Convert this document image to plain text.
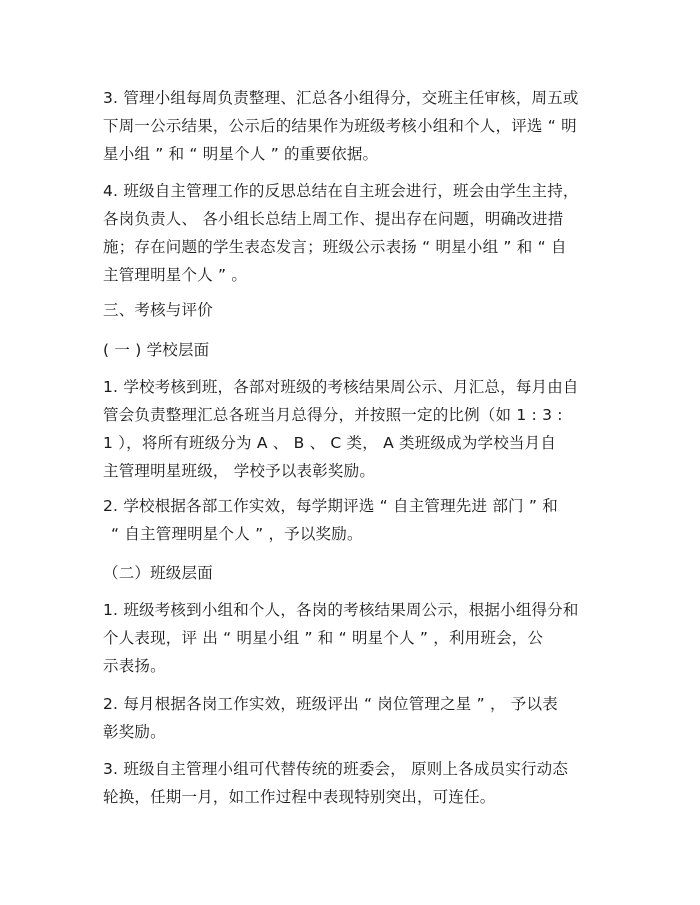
3. 管理小组每周负责整理、汇总各小组得分，交班主任审核，周五或
下周一公示结果，公示后的结果作为班级考核小组和个人，评选 “ 明
星小组 ” 和 “ 明星个人 ” 的重要依据。
4. 班级自主管理工作的反思总结在自主班会进行，班会由学生主持，
各岗负责人、 各小组长总结上周工作、提出存在问题，明确改进措
施；存在问题的学生表态发言；班级公示表扬 “ 明星小组 ” 和 “ 自
主管理明星个人 ” 。
三、考核与评价
( 一 ) 学校层面
1. 学校考核到班，各部对班级的考核结果周公示、月汇总，每月由自
管会负责整理汇总各班当月总得分，并按照一定的比例（如 1 : 3 :
1 ），将所有班级分为 A 、 B 、 C 类， A 类班级成为学校当月自
主管理明星班级， 学校予以表彰奖励。
2. 学校根据各部工作实效，每学期评选 “ 自主管理先进 部门 ” 和
“ 自主管理明星个人 ” ，予以奖励。
（二）班级层面
1. 班级考核到小组和个人，各岗的考核结果周公示，根据小组得分和
个人表现，评 出 “ 明星小组 ” 和 “ 明星个人 ” ，利用班会，公
示表扬。
2. 每月根据各岗工作实效，班级评出 “ 岗位管理之星 ” ， 予以表
彰奖励。
3. 班级自主管理小组可代替传统的班委会， 原则上各成员实行动态
轮换，任期一月，如工作过程中表现特别突出，可连任。
